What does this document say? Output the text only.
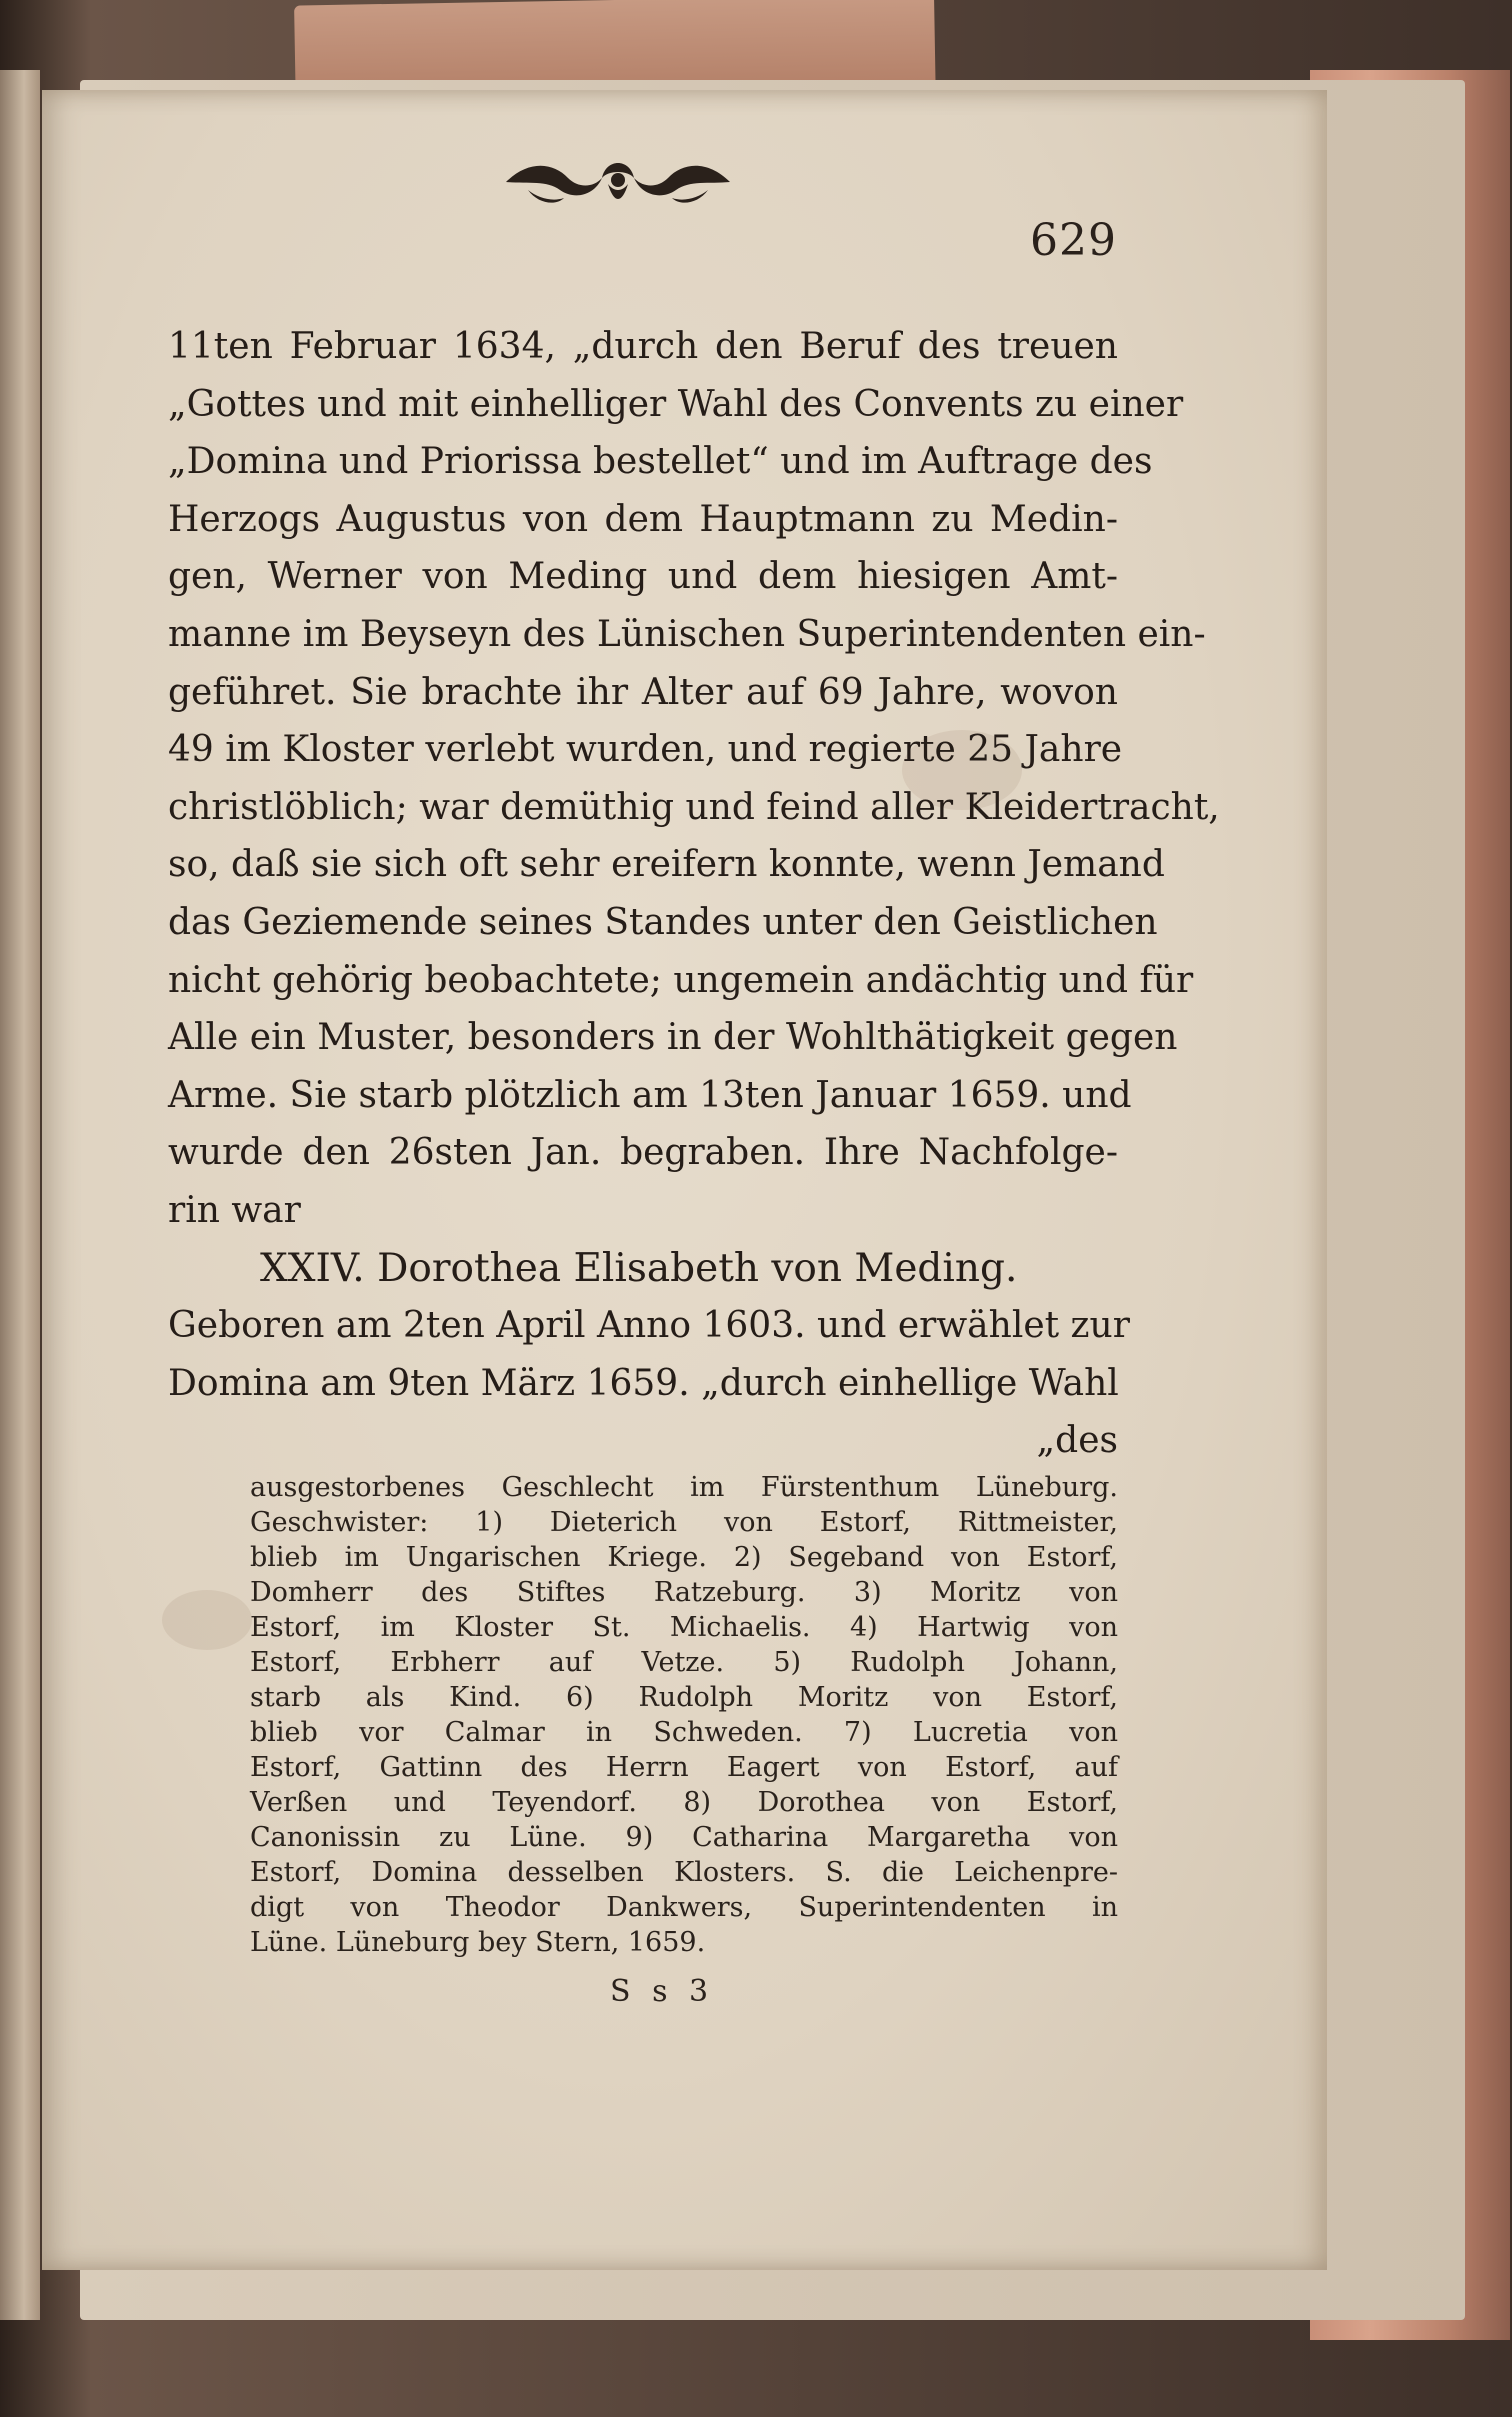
629
11ten Februar 1634, „durch den Beruf des treuen
„Gottes und mit einhelliger Wahl des Convents zu einer
„Domina und Priorissa bestellet“ und im Auftrage des
Herzogs Augustus von dem Hauptmann zu Medin-
gen, Werner von Meding und dem hiesigen Amt-
manne im Beyseyn des Lünischen Superintendenten ein-
geführet. Sie brachte ihr Alter auf 69 Jahre, wovon
49 im Kloster verlebt wurden, und regierte 25 Jahre
christlöblich; war demüthig und feind aller Kleidertracht,
so, daß sie sich oft sehr ereifern konnte, wenn Jemand
das Geziemende seines Standes unter den Geistlichen
nicht gehörig beobachtete; ungemein andächtig und für
Alle ein Muster, besonders in der Wohlthätigkeit gegen
Arme. Sie starb plötzlich am 13ten Januar 1659. und
wurde den 26sten Jan. begraben. Ihre Nachfolge-
rin war
XXIV. Dorothea Elisabeth von Meding.
Geboren am 2ten April Anno 1603. und erwählet zur
Domina am 9ten März 1659. „durch einhellige Wahl
„des
ausgestorbenes Geschlecht im Fürstenthum Lüneburg.
Geschwister: 1) Dieterich von Estorf, Rittmeister,
blieb im Ungarischen Kriege. 2) Segeband von Estorf,
Domherr des Stiftes Ratzeburg. 3) Moritz von
Estorf, im Kloster St. Michaelis. 4) Hartwig von
Estorf, Erbherr auf Vetze. 5) Rudolph Johann,
starb als Kind. 6) Rudolph Moritz von Estorf,
blieb vor Calmar in Schweden. 7) Lucretia von
Estorf, Gattinn des Herrn Eagert von Estorf, auf
Verßen und Teyendorf. 8) Dorothea von Estorf,
Canonissin zu Lüne. 9) Catharina Margaretha von
Estorf, Domina desselben Klosters. S. die Leichenpre-
digt von Theodor Dankwers, Superintendenten in
Lüne. Lüneburg bey Stern, 1659.
S s 3
